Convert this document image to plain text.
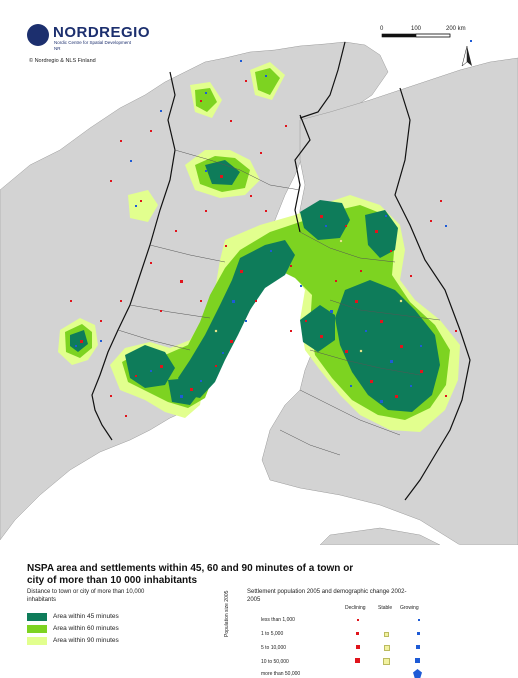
NORDREGIO
Nordic Centre for Spatial Development
NR
© Nordregio & NLS Finland
0	100	200 km
NSPA area and settlements within 45, 60 and 90 minutes of a town or city of more than 10 000 inhabitants
Distance to town or city of more than 10,000 inhabitants
Area within 45 minutes
Area within 60 minutes
Area within 90 minutes
Settlement population 2005 and demographic change 2002-2005
Declining Stable Growing
Population size 2005	less than 1,000
1 to 5,000
5 to 10,000
10 to 50,000
more than 50,000
